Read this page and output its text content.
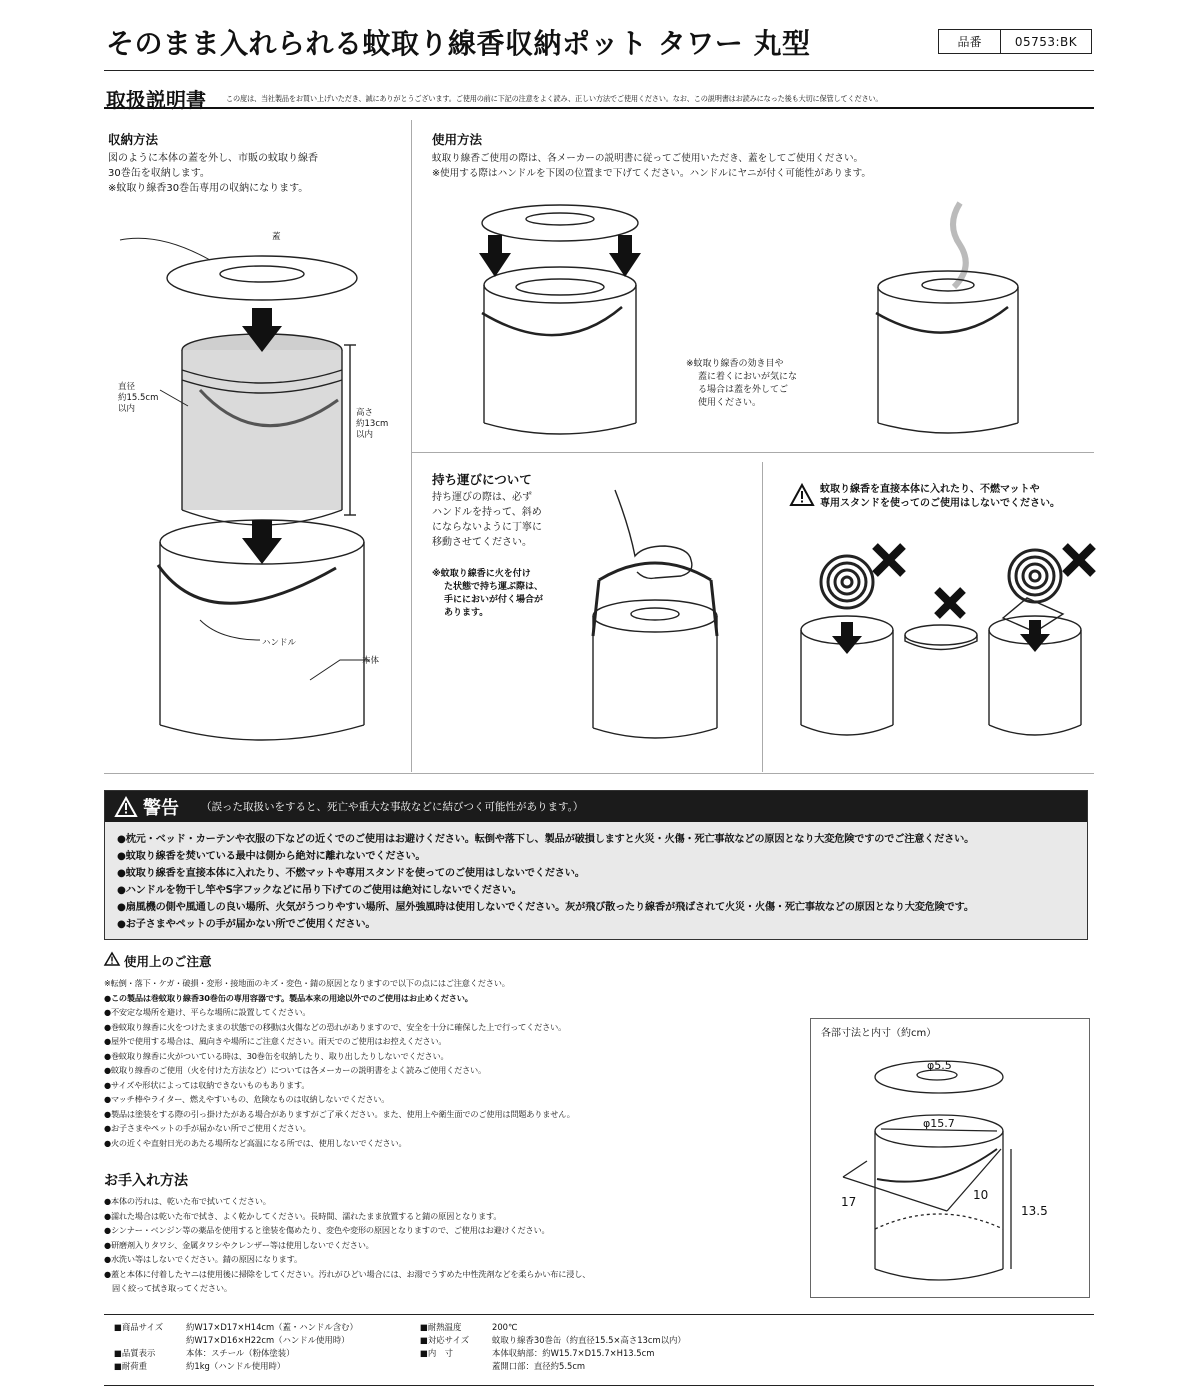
そのまま入れられる蚊取り線香収納ポット タワー 丸型	品番	05753:BK
取扱説明書	この度は、当社製品をお買い上げいただき、誠にありがとうございます。ご使用の前に下記の注意をよく読み、正しい方法でご使用ください。なお、この説明書はお読みになった後も大切に保管してください。
収納方法
図のように本体の蓋を外し、市販の蚊取り線香
30巻缶を収納します。
※蚊取り線香30巻缶専用の収納になります。
蓋
直径
約15.5cm
以内	高さ
約13cm
以内
ハンドル
本体
使用方法
蚊取り線香ご使用の際は、各メーカーの説明書に従ってご使用いただき、蓋をしてご使用ください。
※使用する際はハンドルを下図の位置まで下げてください。ハンドルにヤニが付く可能性があります。
※蚊取り線香の効き目や
蓋に着くにおいが気にな
る場合は蓋を外してご
使用ください。
持ち運びについて
持ち運びの際は、必ず
ハンドルを持って、斜め
にならないように丁寧に
移動させてください。
※蚊取り線香に火を付け
た状態で持ち運ぶ際は、
手ににおいが付く場合が
あります。
蚊取り線香を直接本体に入れたり、不燃マットや
専用スタンドを使ってのご使用はしないでください。
警告 （誤った取扱いをすると、死亡や重大な事故などに結びつく可能性があります。）
●枕元・ベッド・カーテンや衣服の下などの近くでのご使用はお避けください。転倒や落下し、製品が破損しますと火災・火傷・死亡事故などの原因となり大変危険ですのでご注意ください。
●蚊取り線香を焚いている最中は側から絶対に離れないでください。
●蚊取り線香を直接本体に入れたり、不燃マットや専用スタンドを使ってのご使用はしないでください。
●ハンドルを物干し竿やS字フックなどに吊り下げてのご使用は絶対にしないでください。
●扇風機の側や風通しの良い場所、火気がうつりやすい場所、屋外強風時は使用しないでください。灰が飛び散ったり線香が飛ばされて火災・火傷・死亡事故などの原因となり大変危険です。
●お子さまやペットの手が届かない所でご使用ください。
使用上のご注意
※転倒・落下・ケガ・破損・変形・接地面のキズ・変色・錆の原因となりますので以下の点にはご注意ください。
●この製品は巻蚊取り線香30巻缶の専用容器です。製品本来の用途以外でのご使用はお止めください。
●不安定な場所を避け、平らな場所に設置してください。
●巻蚊取り線香に火をつけたままの状態での移動は火傷などの恐れがありますので、安全を十分に確保した上で行ってください。
●屋外で使用する場合は、風向きや場所にご注意ください。雨天でのご使用はお控えください。
●巻蚊取り線香に火がついている時は、30巻缶を収納したり、取り出したりしないでください。
●蚊取り線香のご使用（火を付けた方法など）については各メーカーの説明書をよく読みご使用ください。
●サイズや形状によっては収納できないものもあります。
●マッチ棒やライター、燃えやすいもの、危険なものは収納しないでください。
●製品は塗装をする際の引っ掛けたがある場合がありますがご了承ください。また、使用上や衛生面でのご使用は問題ありません。
●お子さまやペットの手が届かない所でご使用ください。
●火の近くや直射日光のあたる場所など高温になる所では、使用しないでください。
お手入れ方法
●本体の汚れは、乾いた布で拭いてください。
●濡れた場合は乾いた布で拭き、よく乾かしてください。長時間、濡れたまま放置すると錆の原因となります。
●シンナー・ベンジン等の薬品を使用すると塗装を傷めたり、変色や変形の原因となりますので、ご使用はお避けください。
●研磨剤入りタワシ、金属タワシやクレンザー等は使用しないでください。
●水洗い等はしないでください。錆の原因になります。
●蓋と本体に付着したヤニは使用後に掃除をしてください。汚れがひどい場合には、お湯でうすめた中性洗剤などを柔らかい布に浸し、
　固く絞って拭き取ってください。
各部寸法と内寸（約cm）
φ5.5
φ15.7
17	10
13.5
■商品サイズ	約W17×D17×H14cm（蓋・ハンドル含む）
約W17×D16×H22cm（ハンドル使用時）
■品質表示	本体：スチール（粉体塗装）
■耐荷重	約1kg（ハンドル使用時）
■耐熱温度	200℃
■対応サイズ	蚊取り線香30巻缶（約直径15.5×高さ13cm以内）
■内　寸	本体収納部：約W15.7×D15.7×H13.5cm
蓋開口部：直径約5.5cm
